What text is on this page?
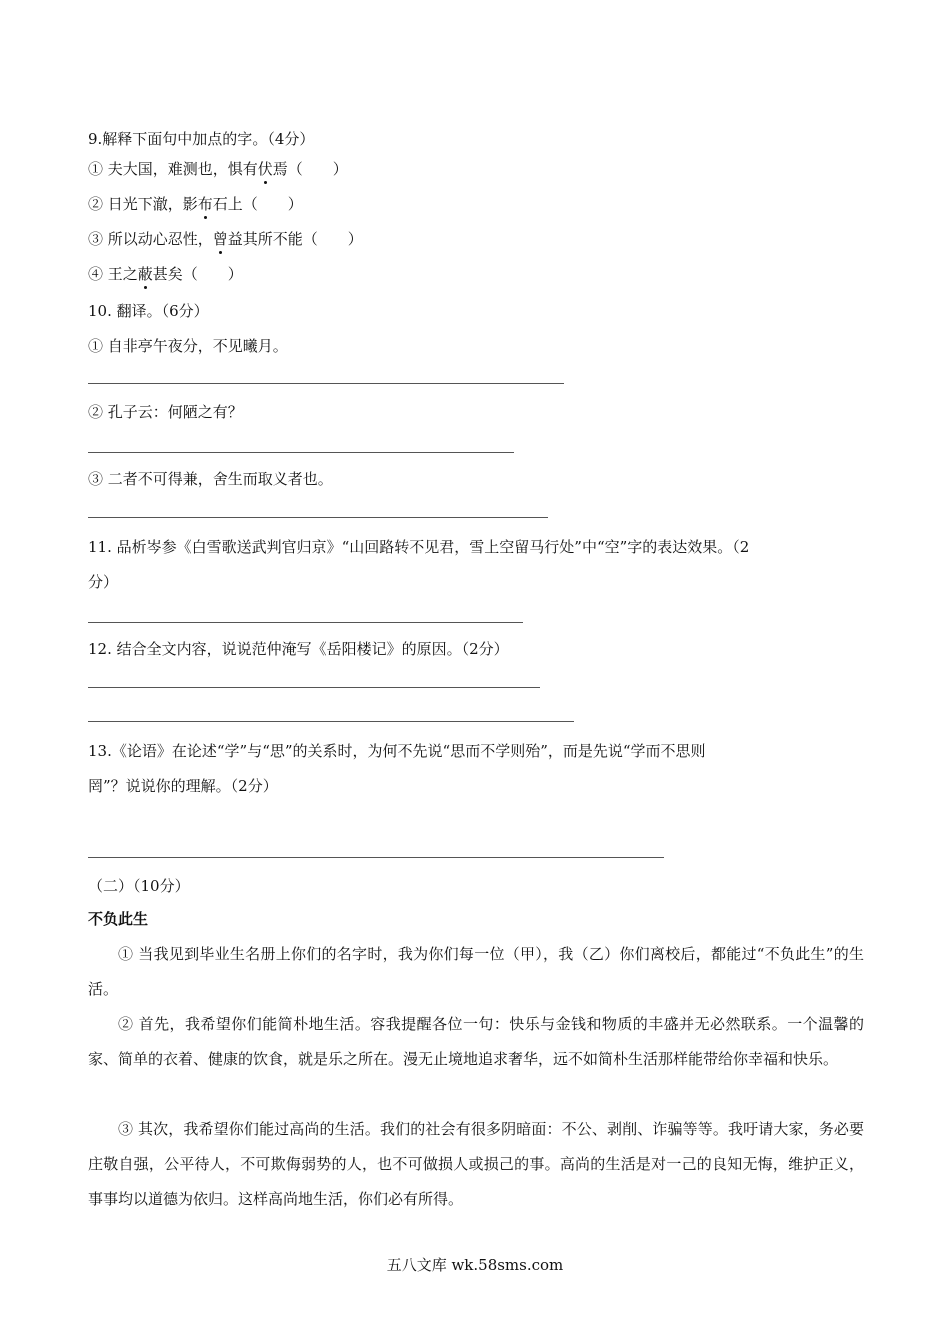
9.解释下面句中加点的字。（4分）
① 夫大国，难测也，惧有伏焉（　　）
② 日光下澈，影布石上（　　）
③ 所以动心忍性，曾益其所不能（　　）
④ 王之蔽甚矣（　　）
10. 翻译。（6分）
① 自非亭午夜分，不见曦月。
② 孔子云：何陋之有？
③ 二者不可得兼，舍生而取义者也。
11. 品析岑参《白雪歌送武判官归京》“山回路转不见君，雪上空留马行处”中“空”字的表达效果。（2
分）
12. 结合全文内容，说说范仲淹写《岳阳楼记》的原因。（2分）
13.《论语》在论述“学”与“思”的关系时，为何不先说“思而不学则殆”，而是先说“学而不思则
罔”？说说你的理解。（2分）
（二）（10分）
不负此生
① 当我见到毕业生名册上你们的名字时，我为你们每一位（甲），我（乙）你们离校后，都能过“不负此生”的生活。
② 首先，我希望你们能简朴地生活。容我提醒各位一句：快乐与金钱和物质的丰盛并无必然联系。一个温馨的家、简单的衣着、健康的饮食，就是乐之所在。漫无止境地追求奢华，远不如简朴生活那样能带给你幸福和快乐。
③ 其次，我希望你们能过高尚的生活。我们的社会有很多阴暗面：不公、剥削、诈骗等等。我吁请大家，务必要庄敬自强，公平待人，不可欺侮弱势的人，也不可做损人或损己的事。高尚的生活是对一己的良知无悔，维护正义，事事均以道德为依归。这样高尚地生活，你们必有所得。
五八文库 wk.58sms.com
